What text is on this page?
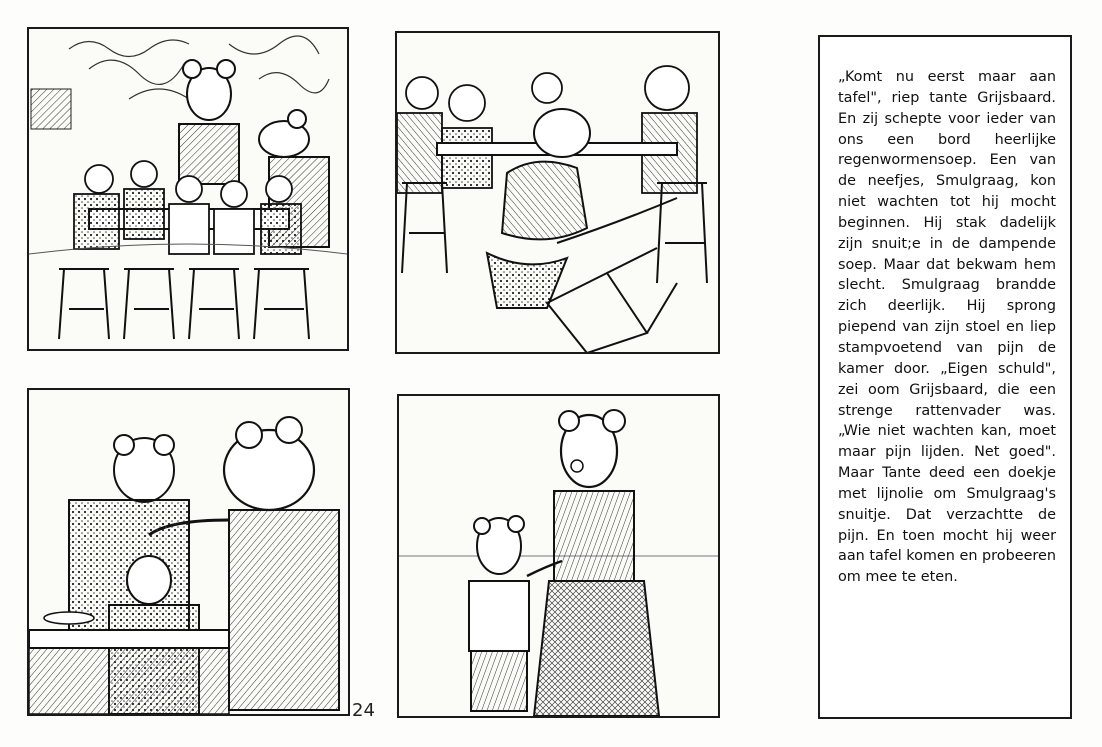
24

„Komt nu eerst maar aan tafel", riep tante Grijsbaard. En zij schepte voor ieder van ons een bord heerlijke regenwormensoep. Een van de neefjes, Smulgraag, kon niet wachten tot hij mocht beginnen. Hij stak dadelijk zijn snuit;e in de dampende soep. Maar dat bekwam hem slecht. Smulgraag brandde zich deerlijk. Hij sprong piepend van zijn stoel en liep stampvoetend van pijn de kamer door. „Eigen schuld", zei oom Grijsbaard, die een strenge rattenvader was. „Wie niet wachten kan, moet maar pijn lijden. Net goed". Maar Tante deed een doekje met lijnolie om Smulgraag's snuitje. Dat verzachtte de pijn. En toen mocht hij weer aan tafel komen en probeeren om mee te eten.
